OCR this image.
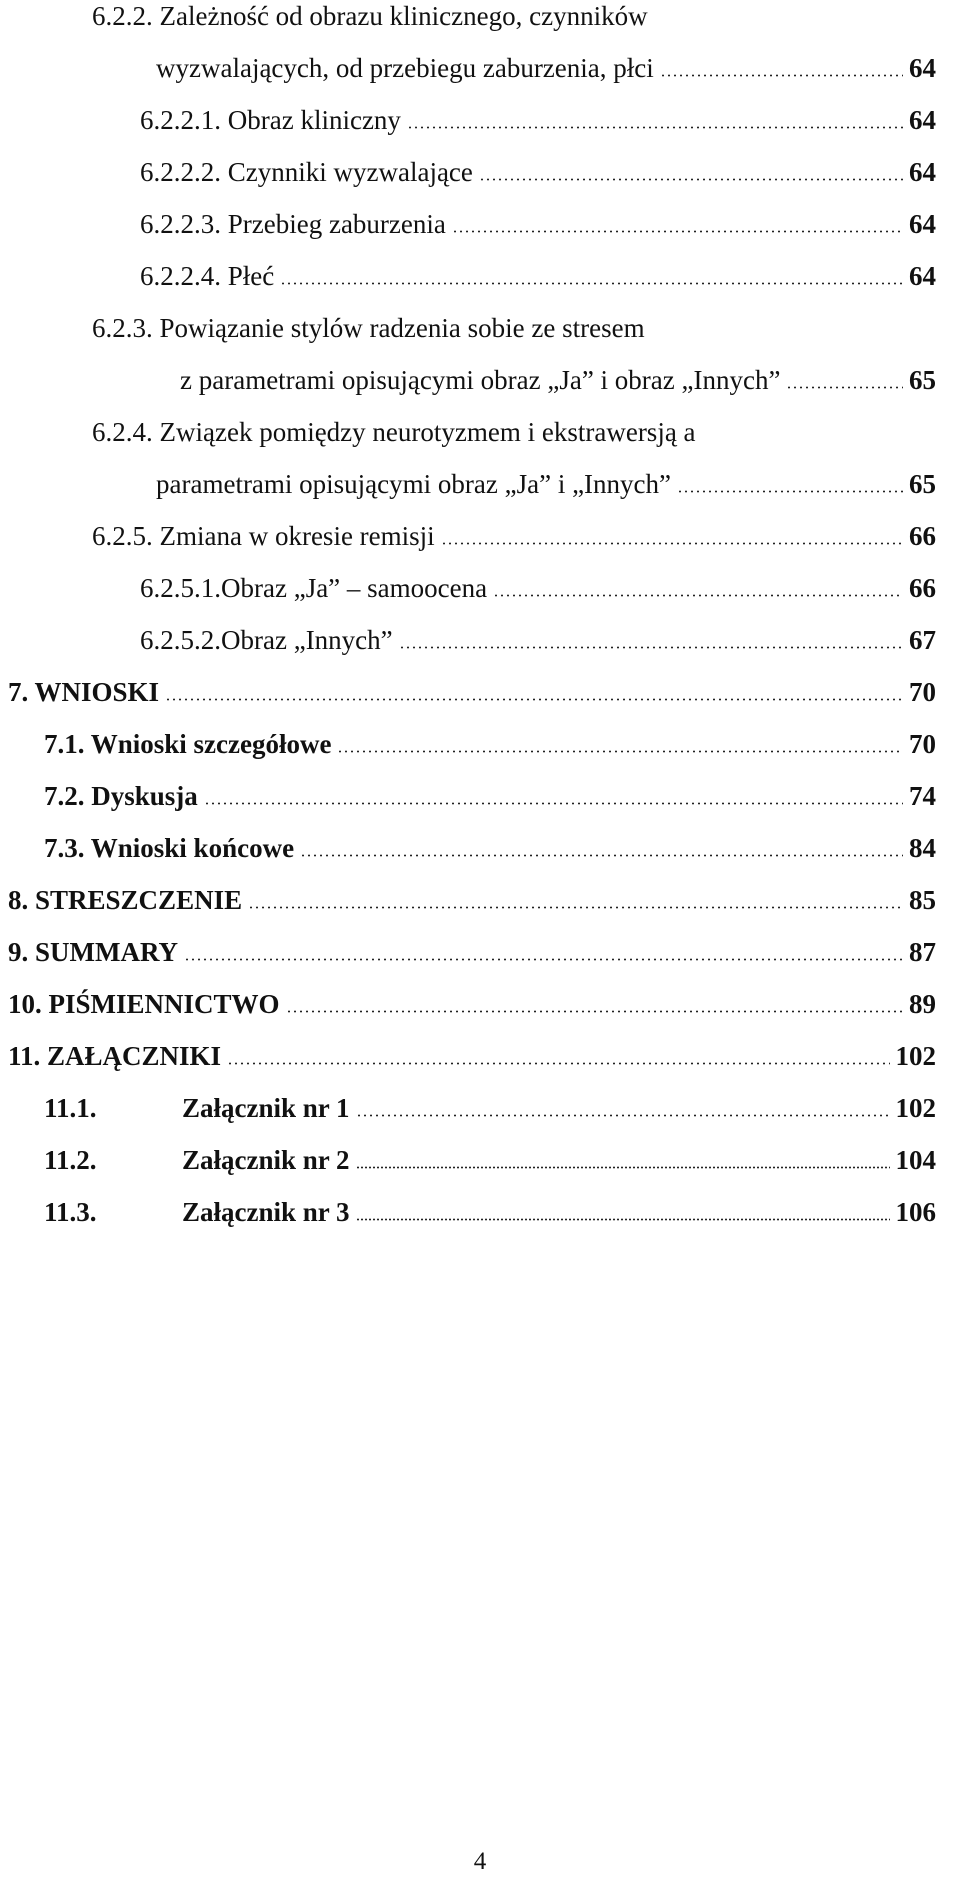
6.2.2. Zależność od obrazu klinicznego, czynników
wyzwalających, od przebiegu zaburzenia, płci	64
6.2.2.1. Obraz kliniczny	64
6.2.2.2. Czynniki wyzwalające	64
6.2.2.3. Przebieg zaburzenia	64
6.2.2.4. Płeć	64
6.2.3. Powiązanie stylów radzenia sobie ze stresem
z parametrami opisującymi obraz „Ja” i obraz „Innych”	65
6.2.4. Związek pomiędzy neurotyzmem i ekstrawersją a
parametrami opisującymi obraz „Ja” i „Innych”	65
6.2.5. Zmiana w okresie remisji	66
6.2.5.1.Obraz „Ja” – samoocena	66
6.2.5.2.Obraz „Innych”	67
7. WNIOSKI	70
7.1. Wnioski szczegółowe	70
7.2. Dyskusja	74
7.3. Wnioski końcowe	84
8. STRESZCZENIE	85
9. SUMMARY	87
10. PIŚMIENNICTWO	89
11. ZAŁĄCZNIKI	102
11.1.	Załącznik nr 1	102
11.2.	Załącznik nr 2	104
11.3.	Załącznik nr 3	106
4
